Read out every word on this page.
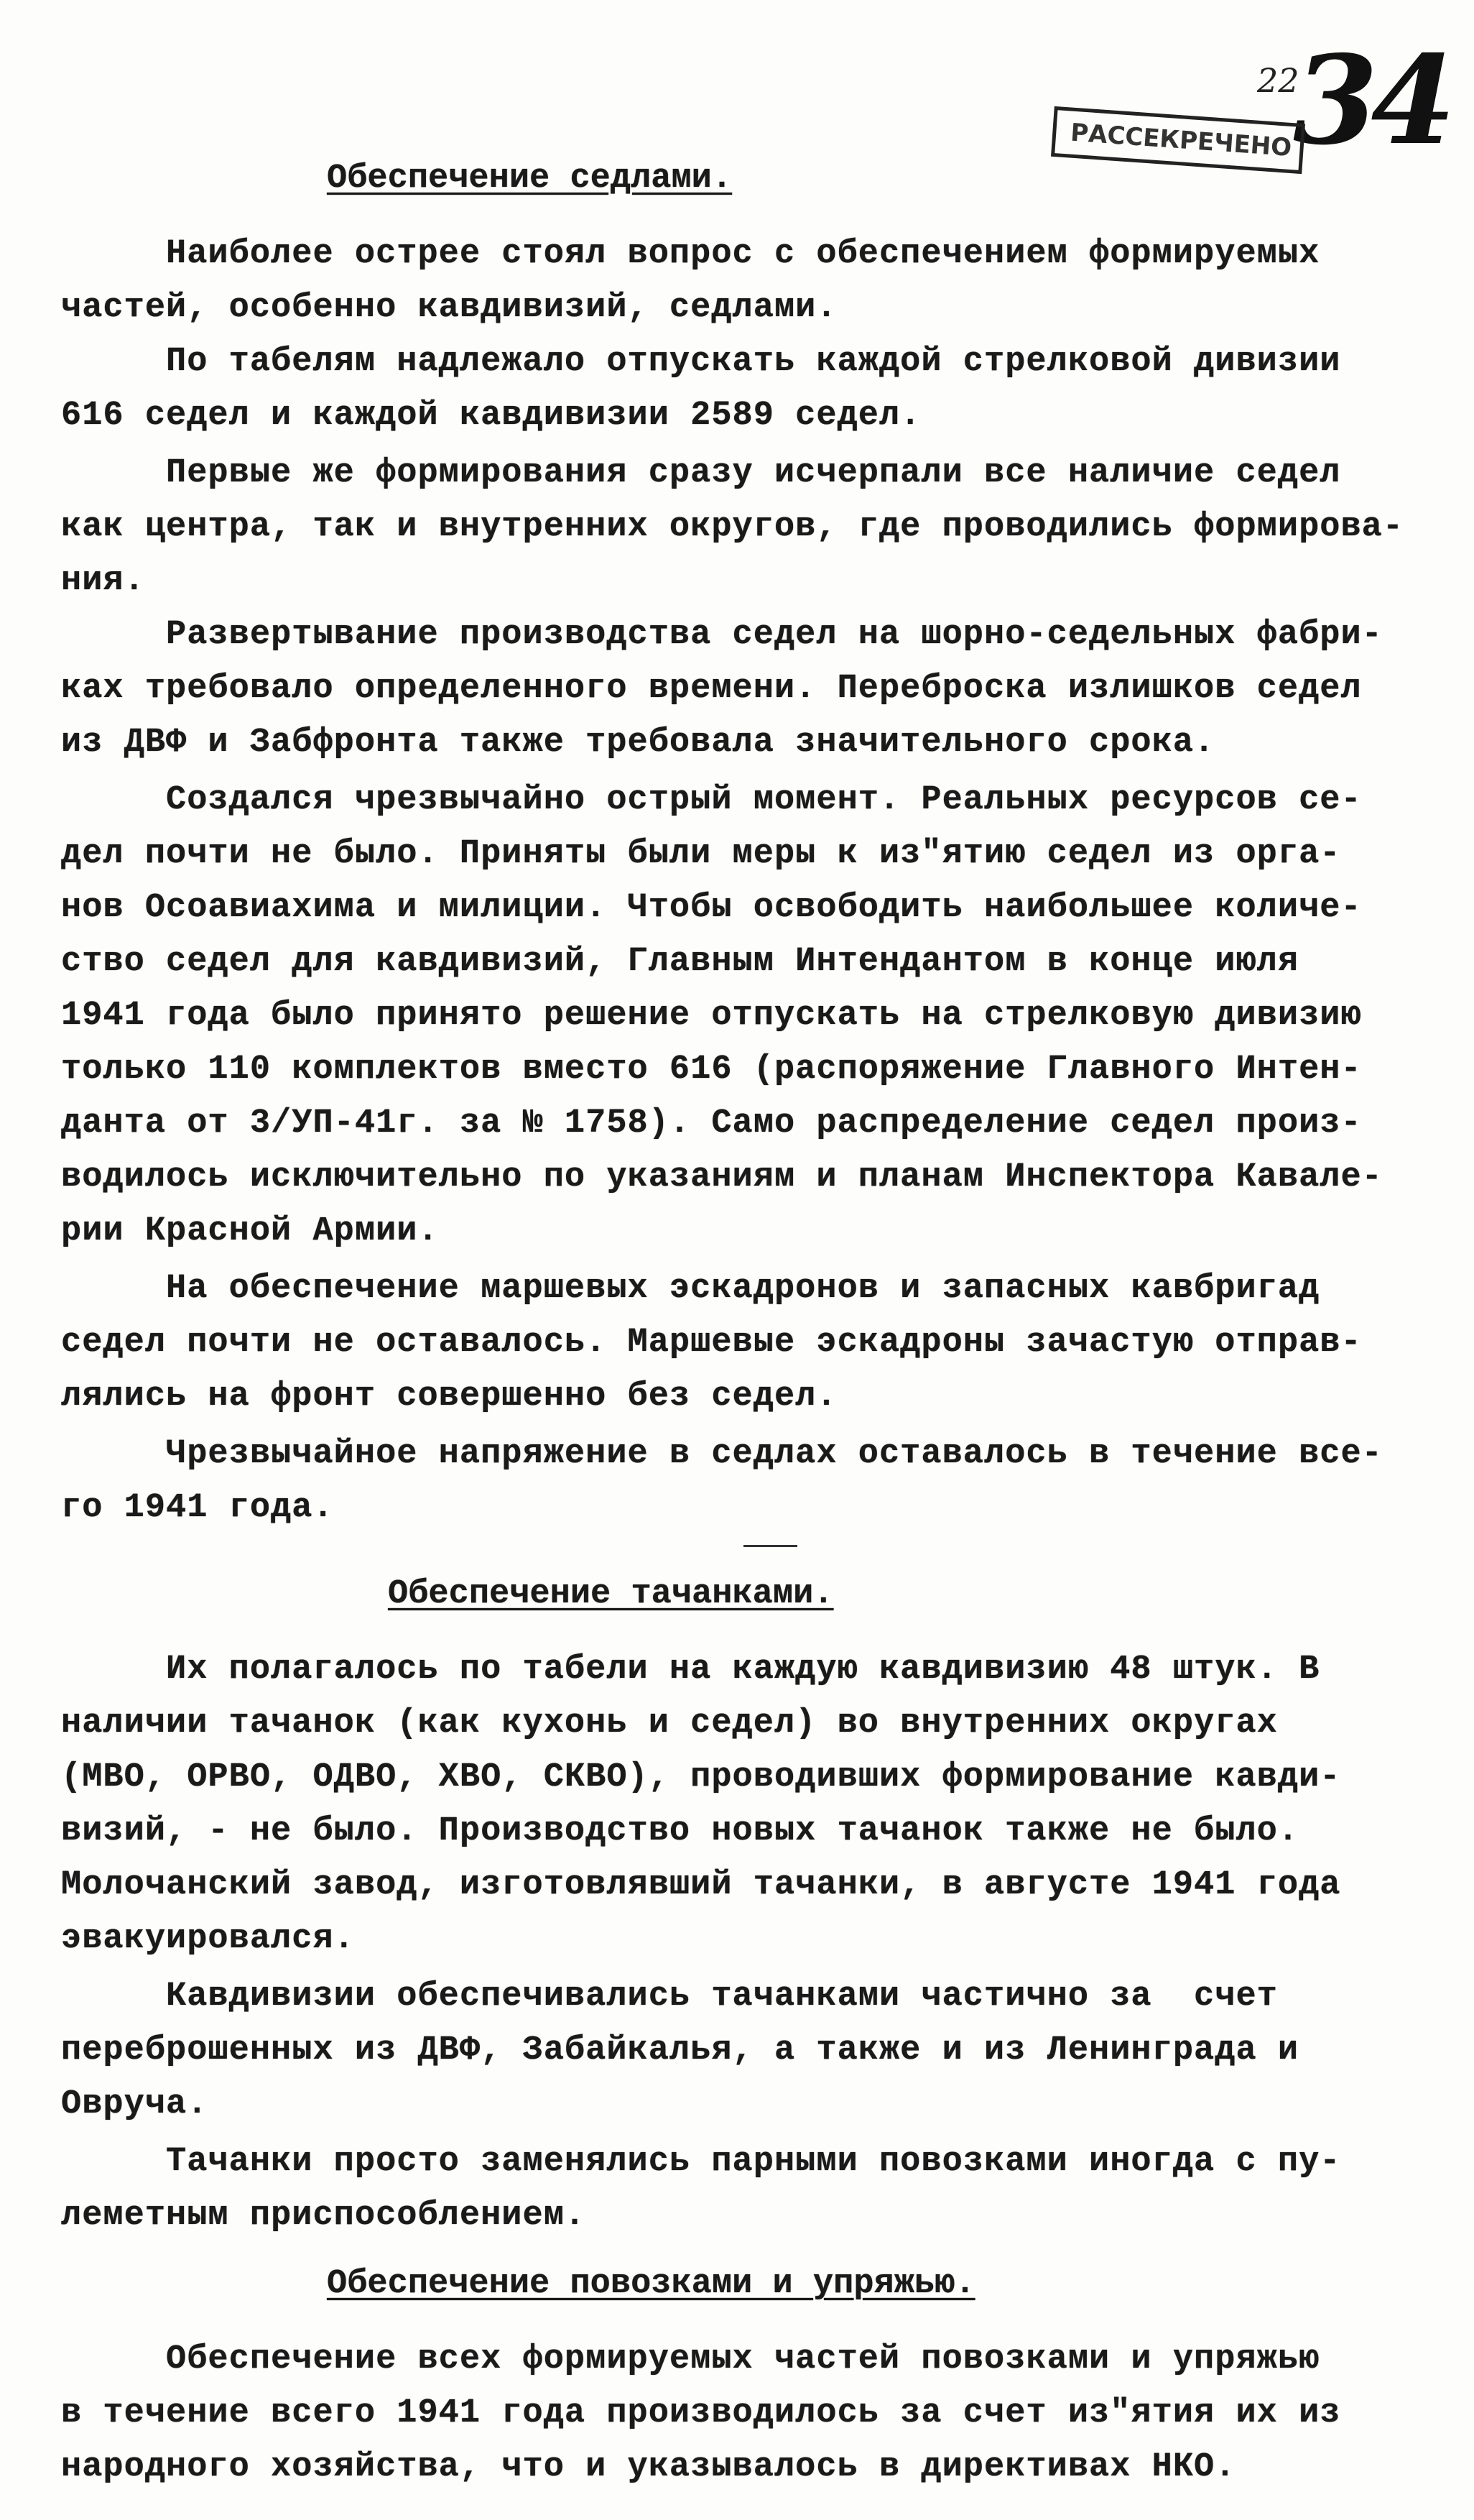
22
34
РАССЕКРЕЧЕНО
Обеспечение седлами.
Наиболее острее стоял вопрос с обеспечением формируемых
частей, особенно кавдивизий, седлами.
По табелям надлежало отпускать каждой стрелковой дивизии
616 седел и каждой кавдивизии 2589 седел.
Первые же формирования сразу исчерпали все наличие седел
как центра, так и внутренних округов, где проводились формирова-
ния.
Развертывание производства седел на шорно-седельных фабри-
ках требовало определенного времени. Переброска излишков седел
из ДВФ и Забфронта также требовала значительного срока.
Создался чрезвычайно острый момент. Реальных ресурсов се-
дел почти не было. Приняты были меры к из"ятию седел из орга-
нов Осоавиахима и милиции. Чтобы освободить наибольшее количе-
ство седел для кавдивизий, Главным Интендантом в конце июля
1941 года было принято решение отпускать на стрелковую дивизию
только 110 комплектов вместо 616 (распоряжение Главного Интен-
данта от 3/УП-41г. за № 1758). Само распределение седел произ-
водилось исключительно по указаниям и планам Инспектора Кавале-
рии Красной Армии.
На обеспечение маршевых эскадронов и запасных кавбригад
седел почти не оставалось. Маршевые эскадроны зачастую отправ-
лялись на фронт совершенно без седел.
Чрезвычайное напряжение в седлах оставалось в течение все-
го 1941 года.
Обеспечение тачанками.
Их полагалось по табели на каждую кавдивизию 48 штук. В
наличии тачанок (как кухонь и седел) во внутренних округах
(МВО, ОРВО, ОДВО, ХВО, СКВО), проводивших формирование кавди-
визий, - не было. Производство новых тачанок также не было.
Молочанский завод, изготовлявший тачанки, в августе 1941 года
эвакуировался.
Кавдивизии обеспечивались тачанками частично за  счет
переброшенных из ДВФ, Забайкалья, а также и из Ленинграда и
Овруча.
Тачанки просто заменялись парными повозками иногда с пу-
леметным приспособлением.
Обеспечение повозками и упряжью.
Обеспечение всех формируемых частей повозками и упряжью
в течение всего 1941 года производилось за счет из"ятия их из
народного хозяйства, что и указывалось в директивах НКО.
